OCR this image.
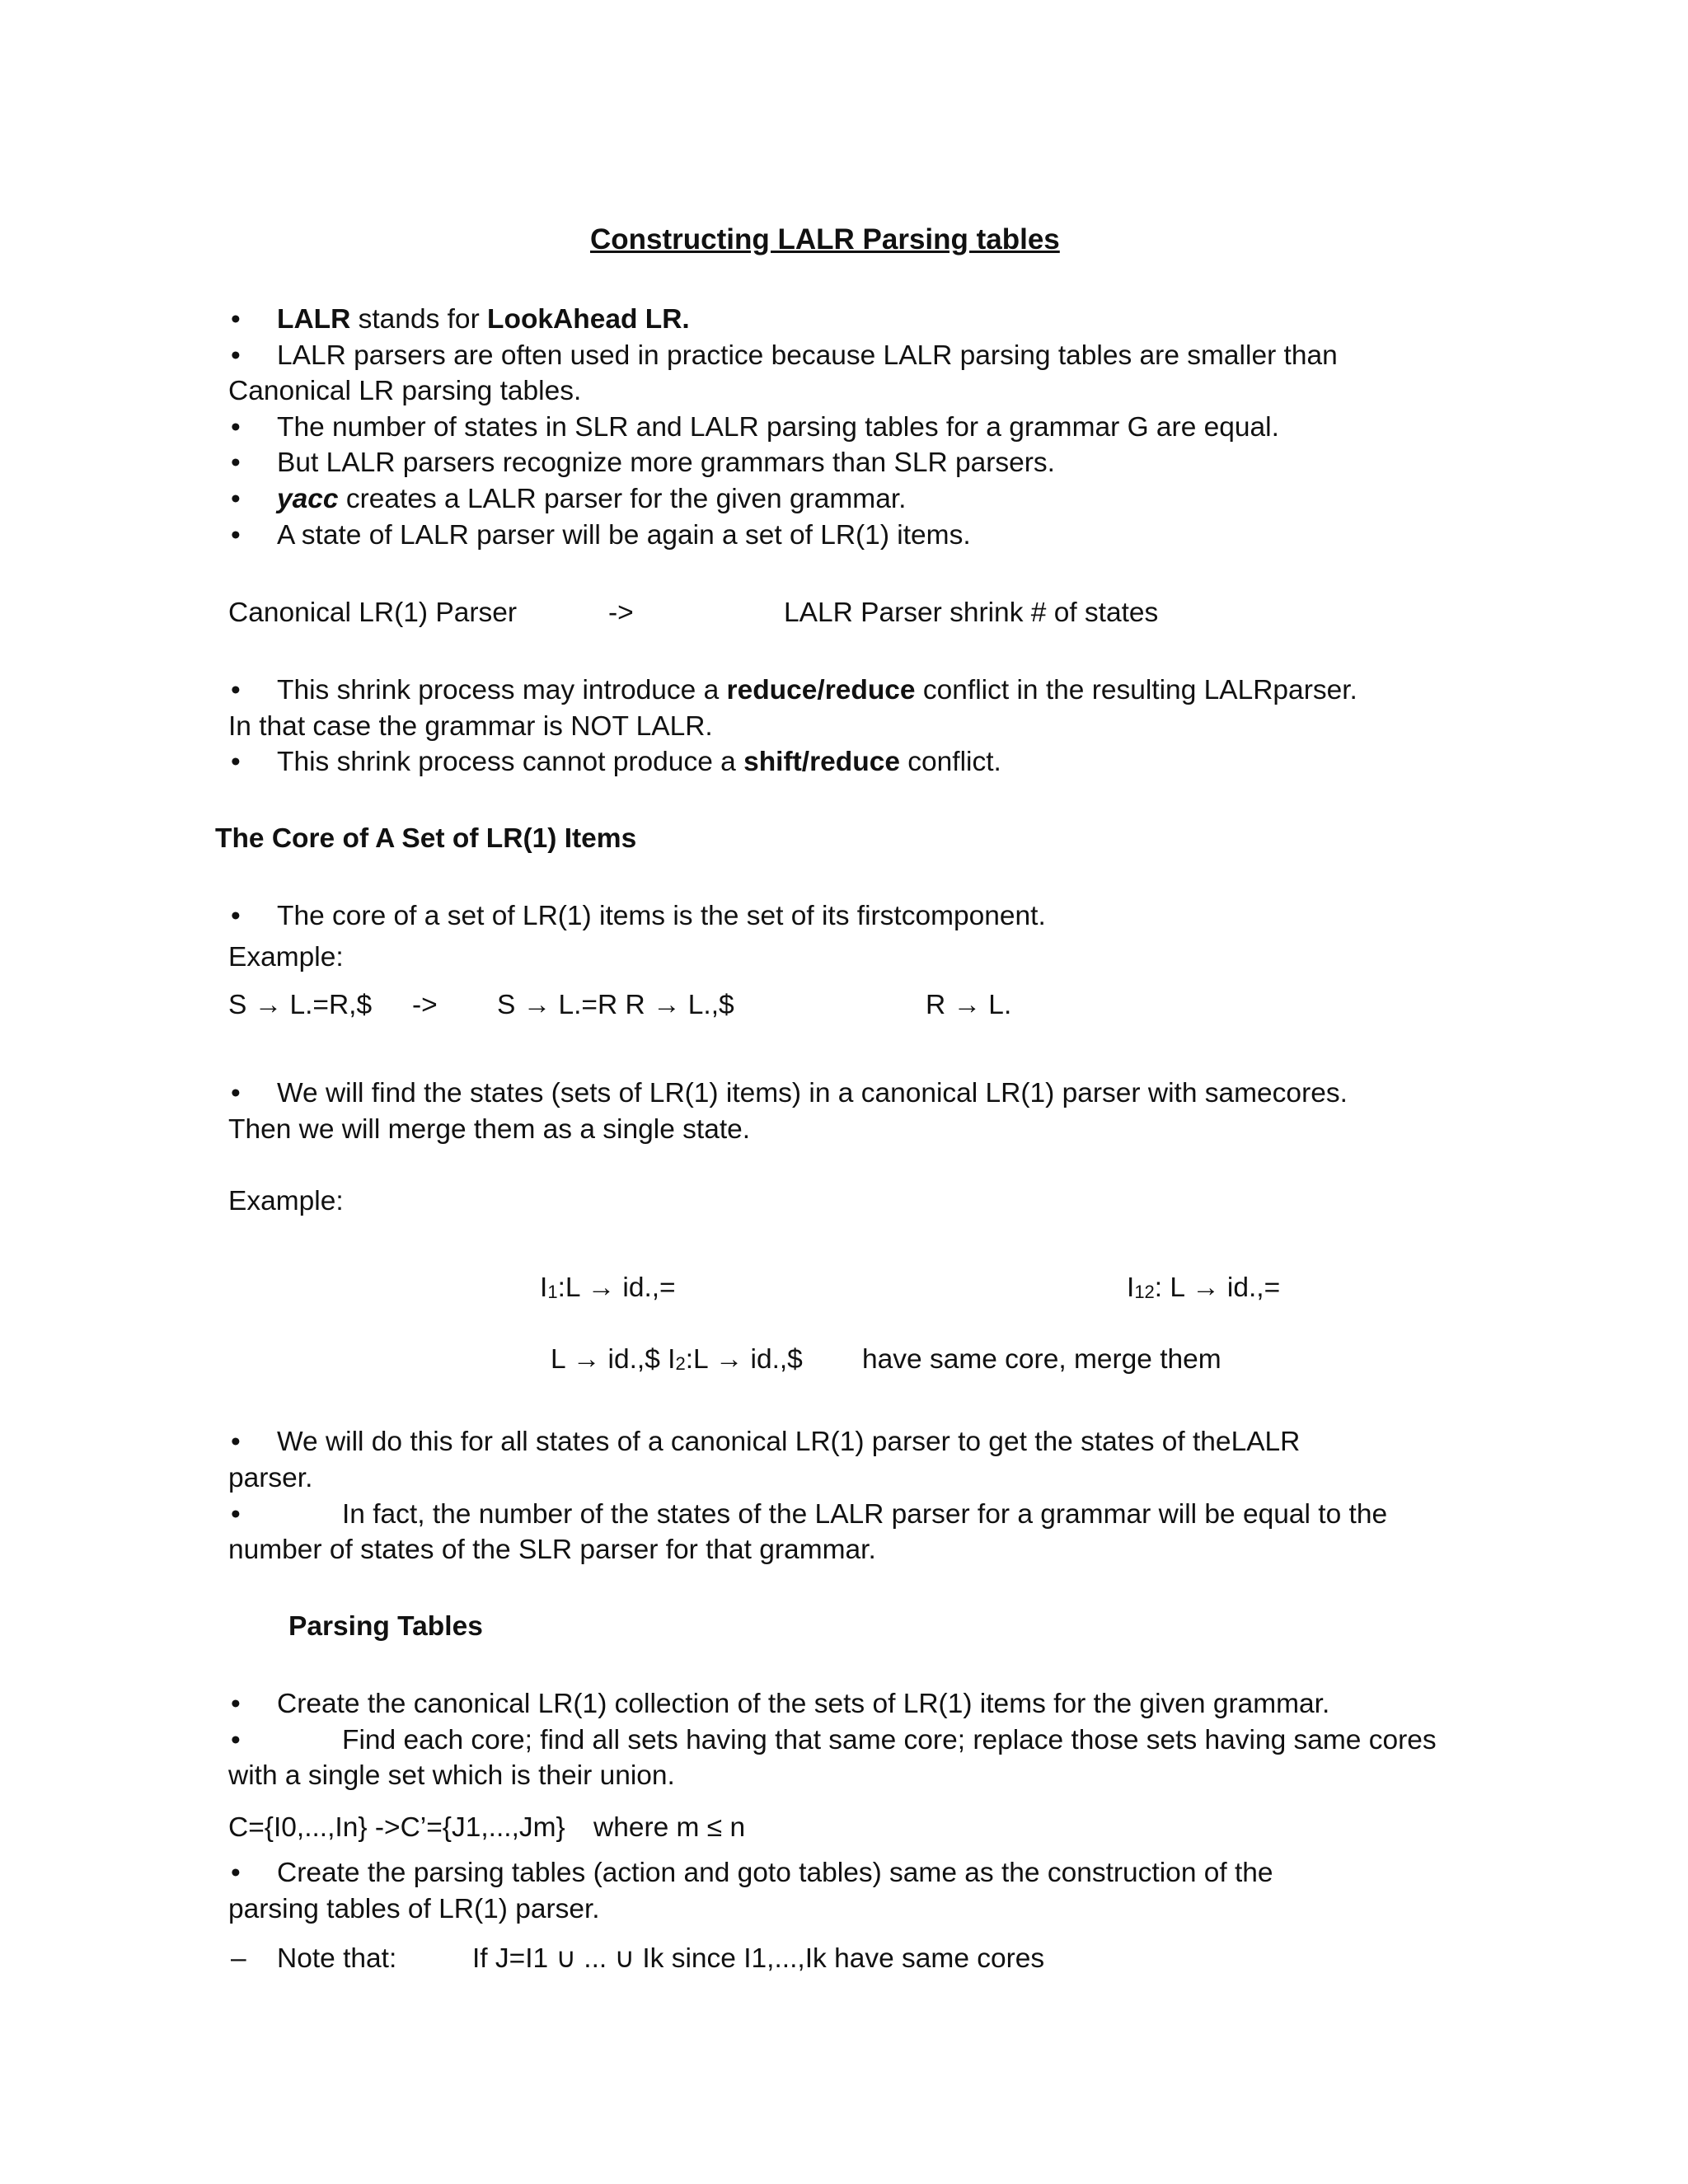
Constructing LALR Parsing tables
• LALR stands for LookAhead LR.
• LALR parsers are often used in practice because LALR parsing tables are smaller than
Canonical LR parsing tables.
• The number of states in SLR and LALR parsing tables for a grammar G are equal.
• But LALR parsers recognize more grammars than SLR parsers.
• yacc creates a LALR parser for the given grammar.
• A state of LALR parser will be again a set of LR(1) items.
Canonical LR(1) Parser	->	LALR Parser shrink # of states
• This shrink process may introduce a reduce/reduce conflict in the resulting LALRparser.
In that case the grammar is NOT LALR.
• This shrink process cannot produce a shift/reduce conflict.
The Core of A Set of LR(1) Items
• The core of a set of LR(1) items is the set of its firstcomponent.
Example:
S → L.=R,$ -> S → L.=R R → L.,$	R → L.
• We will find the states (sets of LR(1) items) in a canonical LR(1) parser with samecores.
Then we will merge them as a single state.
Example:
$I_1:L \to id.,=$	$I_{12}$: L → id.,=
L → id.,$ $I_2:L$ → id.,$ have same core, merge them
• We will do this for all states of a canonical LR(1) parser to get the states of theLALR
parser.
•	In fact, the number of the states of the LALR parser for a grammar will be equal to the
number of states of the SLR parser for that grammar.
Parsing Tables
• Create the canonical LR(1) collection of the sets of LR(1) items for the given grammar.
•	Find each core; find all sets having that same core; replace those sets having same cores
with a single set which is their union.
C={I0,...,In} ->C’={J1,...,Jm} where m ≤ n
• Create the parsing tables (action and goto tables) same as the construction of the
parsing tables of LR(1) parser.
– Note that:	If J=I1 ∪ ... ∪ Ik since I1,...,Ik have same cores
